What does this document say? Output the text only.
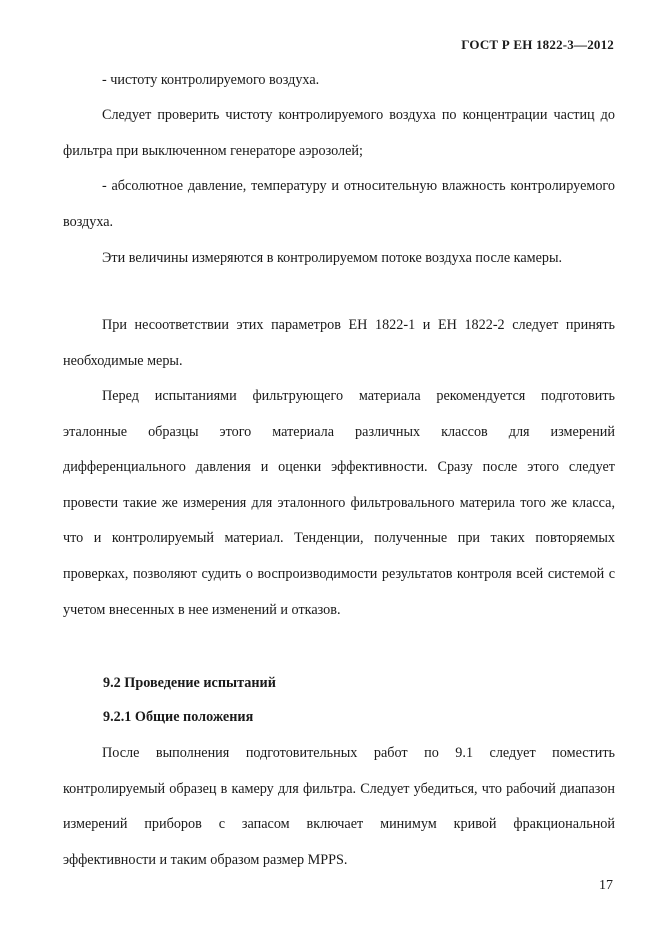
ГОСТ Р ЕН 1822-3—2012

- чистоту контролируемого воздуха.

Следует проверить чистоту контролируемого воздуха по концентрации частиц до фильтра при выключенном генераторе аэрозолей;

- абсолютное давление, температуру и относительную влажность контролируемого воздуха.

Эти величины измеряются в контролируемом потоке воздуха после камеры.

При несоответствии этих параметров ЕН 1822-1 и ЕН 1822-2 следует принять необходимые меры.

Перед испытаниями фильтрующего материала рекомендуется подготовить эталонные образцы этого материала различных классов для измерений дифференциального давления и оценки эффективности. Сразу после этого следует провести такие же измерения для эталонного фильтровального материла того же класса, что и контролируемый материал. Тенденции, полученные при таких повторяемых проверках, позволяют судить о воспроизводимости результатов контроля всей системой с учетом внесенных в нее изменений и отказов.

9.2 Проведение испытаний
9.2.1 Общие положения

После выполнения подготовительных работ по 9.1 следует поместить контролируемый образец в камеру для фильтра. Следует убедиться, что рабочий диапазон измерений приборов с запасом включает минимум кривой фракциональной эффективности и таким образом размер MPPS.

17
